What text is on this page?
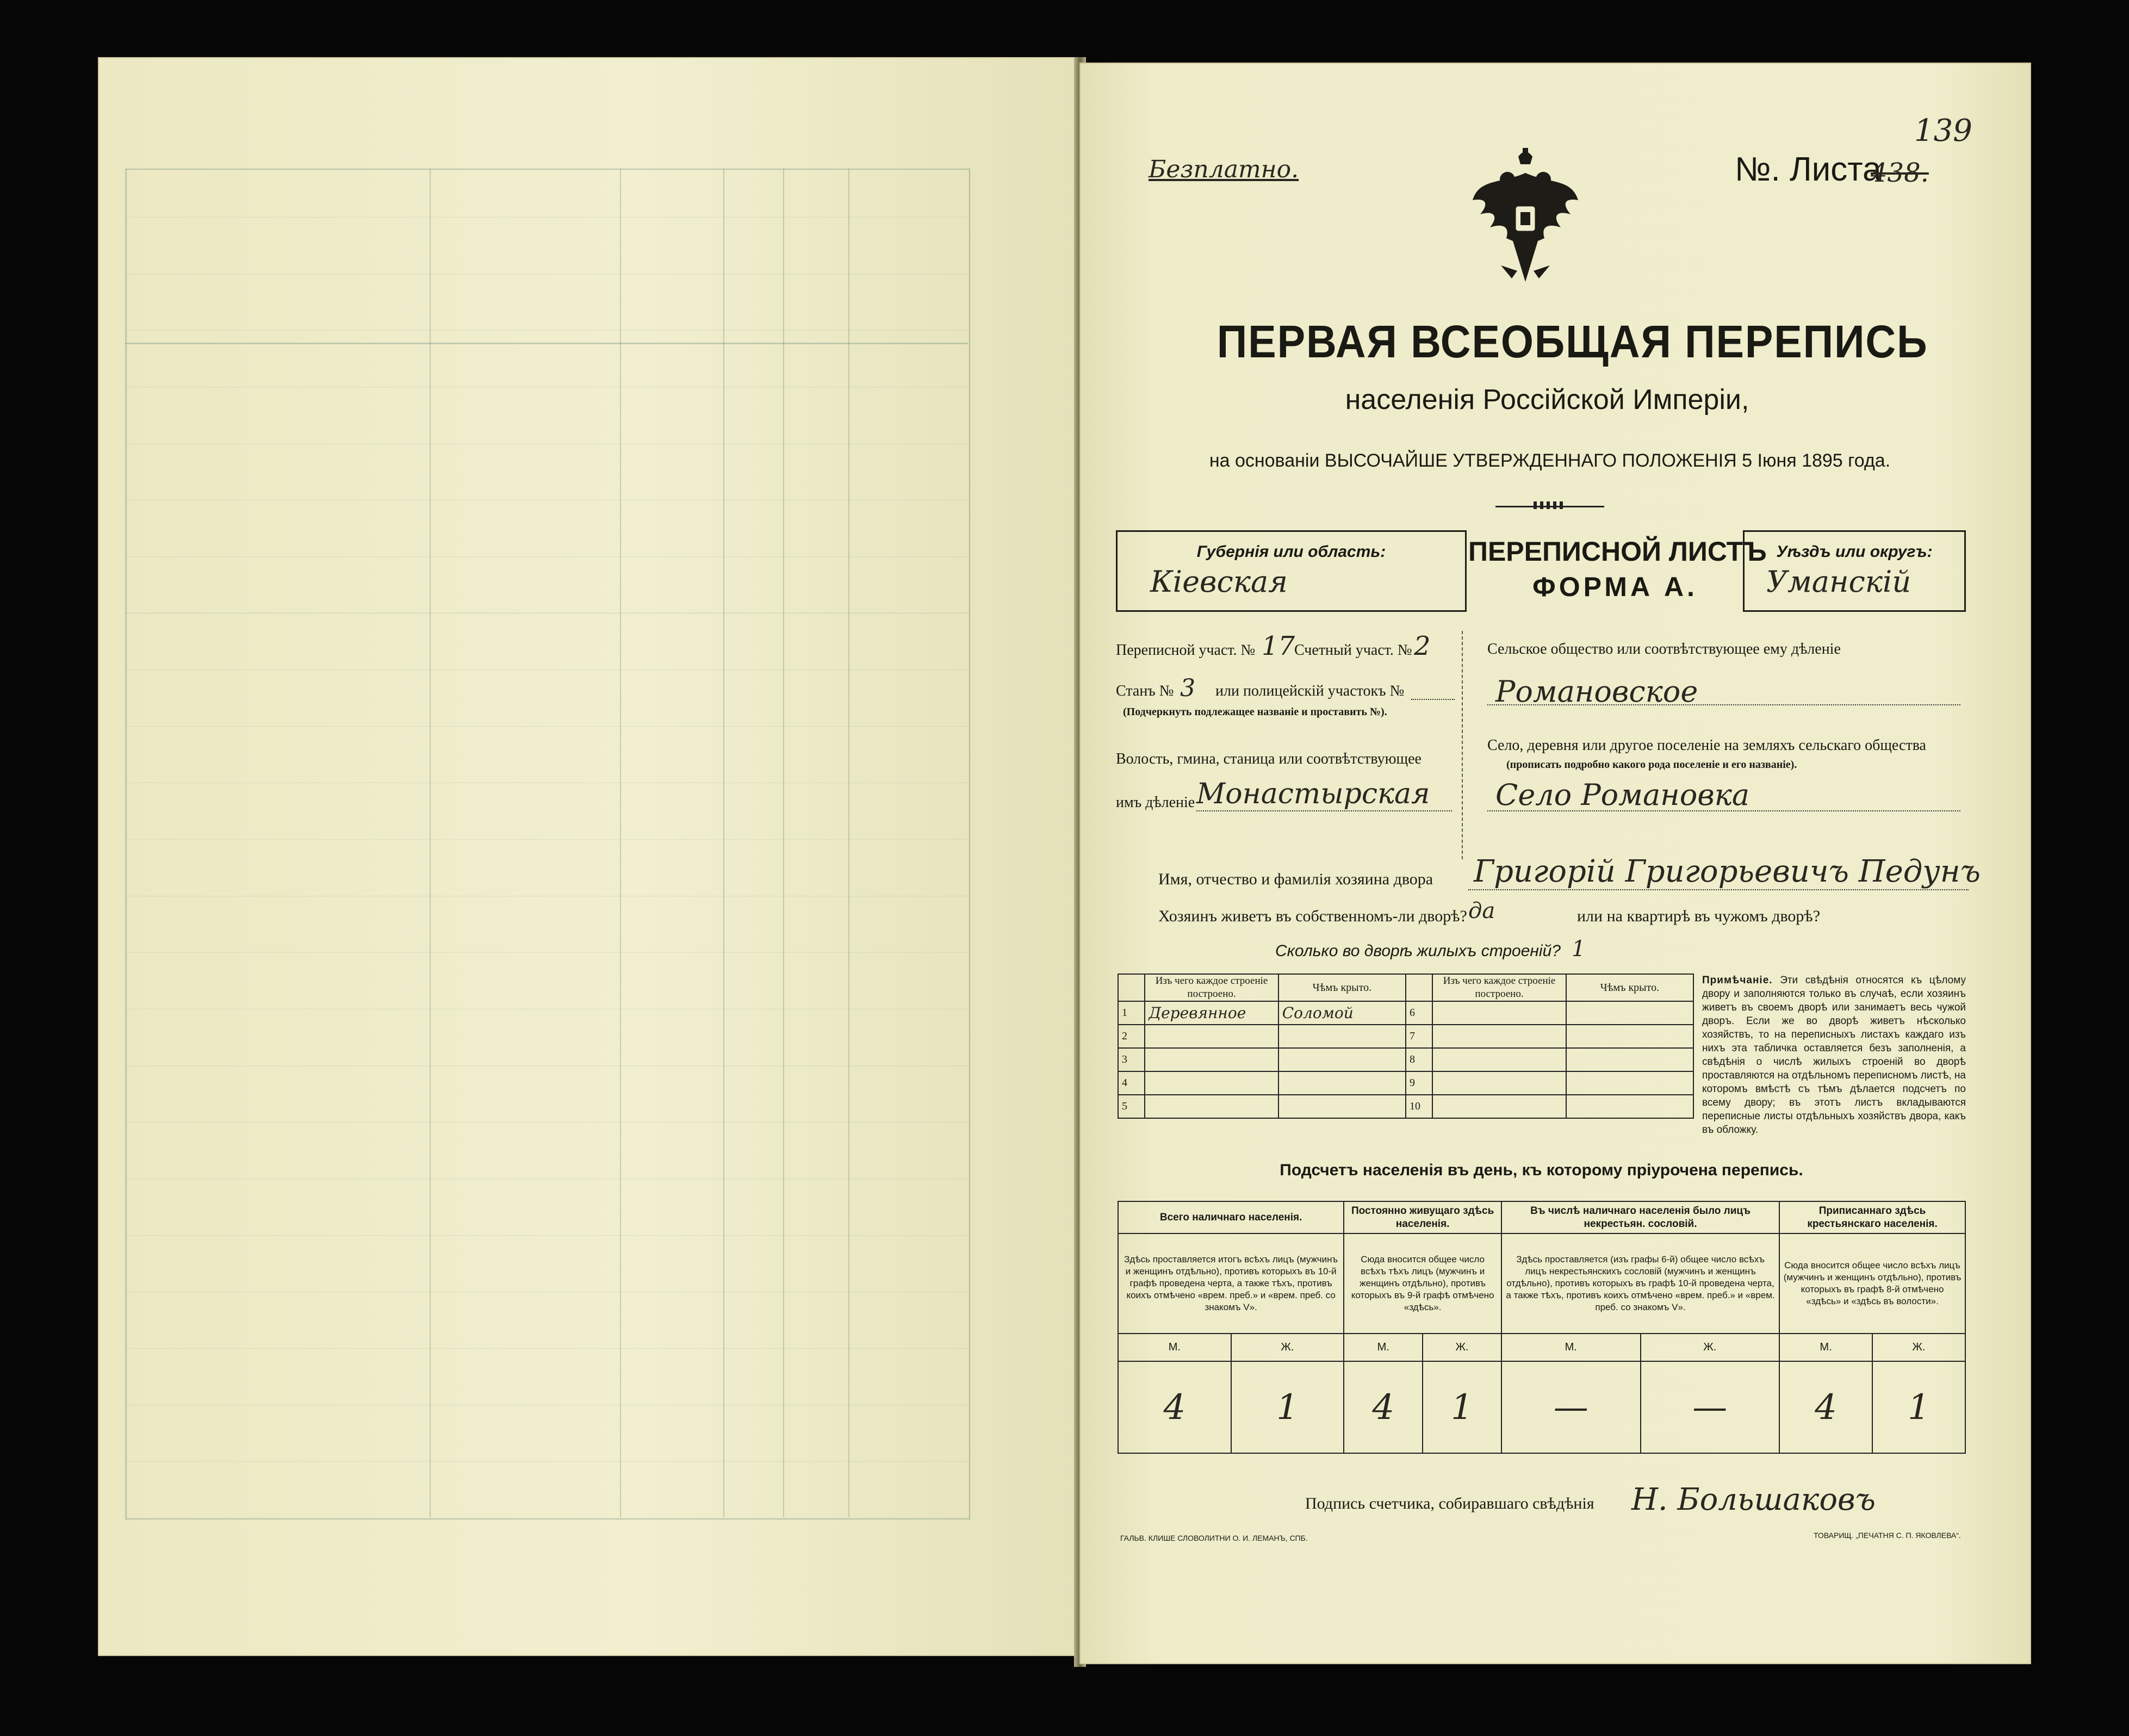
Безплатно.	№. Листа
438.
139
ПЕРВАЯ ВСЕОБЩАЯ ПЕРЕПИСЬ
населенія Россійской Имперіи,
на основаніи ВЫСОЧАЙШЕ УТВЕРЖДЕННАГО ПОЛОЖЕНІЯ 5 Іюня 1895 года.
Губернія или область:
Кіевская
ПЕРЕПИСНОЙ ЛИСТЪ
ФОРМА А.
Уѣздъ или округъ:
Уманскій
Переписной участ. № 17
Счетный участ. № 2
Станъ № 3 или полицейскій участокъ №
(Подчеркнуть подлежащее названіе и проставить №).
Волость, гмина, станица или соотвѣтствующее
имъ дѣленіе Монастырская
Сельское общество или соотвѣтствующее ему дѣленіе
Романовское
Село, деревня или другое поселеніе на земляхъ сельскаго общества
(прописать подробно какого рода поселеніе и его названіе).
Село Романовка
Имя, отчество и фамилія хозяина двора Григорій Григорьевичъ Педунъ
Хозяинъ живетъ въ собственномъ-ли дворѣ? да	или на квартирѣ въ чужомъ дворѣ?
Сколько во дворѣ жилыхъ строеній? 1
	Изъ чего каждое строеніе построено.	Чѣмъ крыто.		Изъ чего каждое строеніе построено.	Чѣмъ крыто.
1	Деревянное	Соломой	6		
2			7		
3			8		
4			9		
5			10		
Примѣчаніе. Эти свѣдѣнія относятся къ цѣлому двору и заполняются только въ случаѣ, если хозяинъ живетъ въ своемъ дворѣ или занимаетъ весь чужой дворъ. Если же во дворѣ живетъ нѣсколько хозяйствъ, то на переписныхъ листахъ каждаго изъ нихъ эта табличка оставляется безъ заполненія, а свѣдѣнія о числѣ жилыхъ строеній во дворѣ проставляются на отдѣльномъ переписномъ листѣ, на которомъ вмѣстѣ съ тѣмъ дѣлается подсчетъ по всему двору; въ этотъ листъ вкладываются переписные листы отдѣльныхъ хозяйствъ двора, какъ въ обложку.
Подсчетъ населенія въ день, къ которому пріурочена перепись.
Всего наличнаго населенія.		Постоянно живущаго здѣсь населенія.		Въ числѣ наличнаго населенія было лицъ некрестьян. сословій.		Приписаннаго здѣсь крестьянскаго населенія.	
Здѣсь проставляется итогъ всѣхъ лицъ (мужчинъ и женщинъ отдѣльно), противъ которыхъ въ 10-й графѣ проведена черта, а также тѣхъ, противъ коихъ отмѣчено «врем. преб.» и «врем. преб. со знакомъ V».		Сюда вносится общее число всѣхъ тѣхъ лицъ (мужчинъ и женщинъ отдѣльно), противъ которыхъ въ 9-й графѣ отмѣчено «здѣсь».		Здѣсь проставляется (изъ графы 6-й) общее число всѣхъ лицъ некрестьянскихъ сословій (мужчинъ и женщинъ отдѣльно), противъ которыхъ въ графѣ 10-й проведена черта, а также тѣхъ, противъ коихъ отмѣчено «врем. преб.» и «врем. преб. со знакомъ V».		Сюда вносится общее число всѣхъ лицъ (мужчинъ и женщинъ отдѣльно), противъ которыхъ въ графѣ 8-й отмѣчено «здѣсь» и «здѣсь въ волости».	
М.	Ж.	М.	Ж.	М.	Ж.	М.	Ж.
4	1	4	1	—	—	4	1
Подпись счетчика, собиравшаго свѣдѣнія Н. Большаковъ
ГАЛЬВ. КЛИШЕ СЛОВОЛИТНИ О. И. ЛЕМАНЪ, СПБ.	ТОВАРИЩ. „ПЕЧАТНЯ С. П. ЯКОВЛЕВА“.
